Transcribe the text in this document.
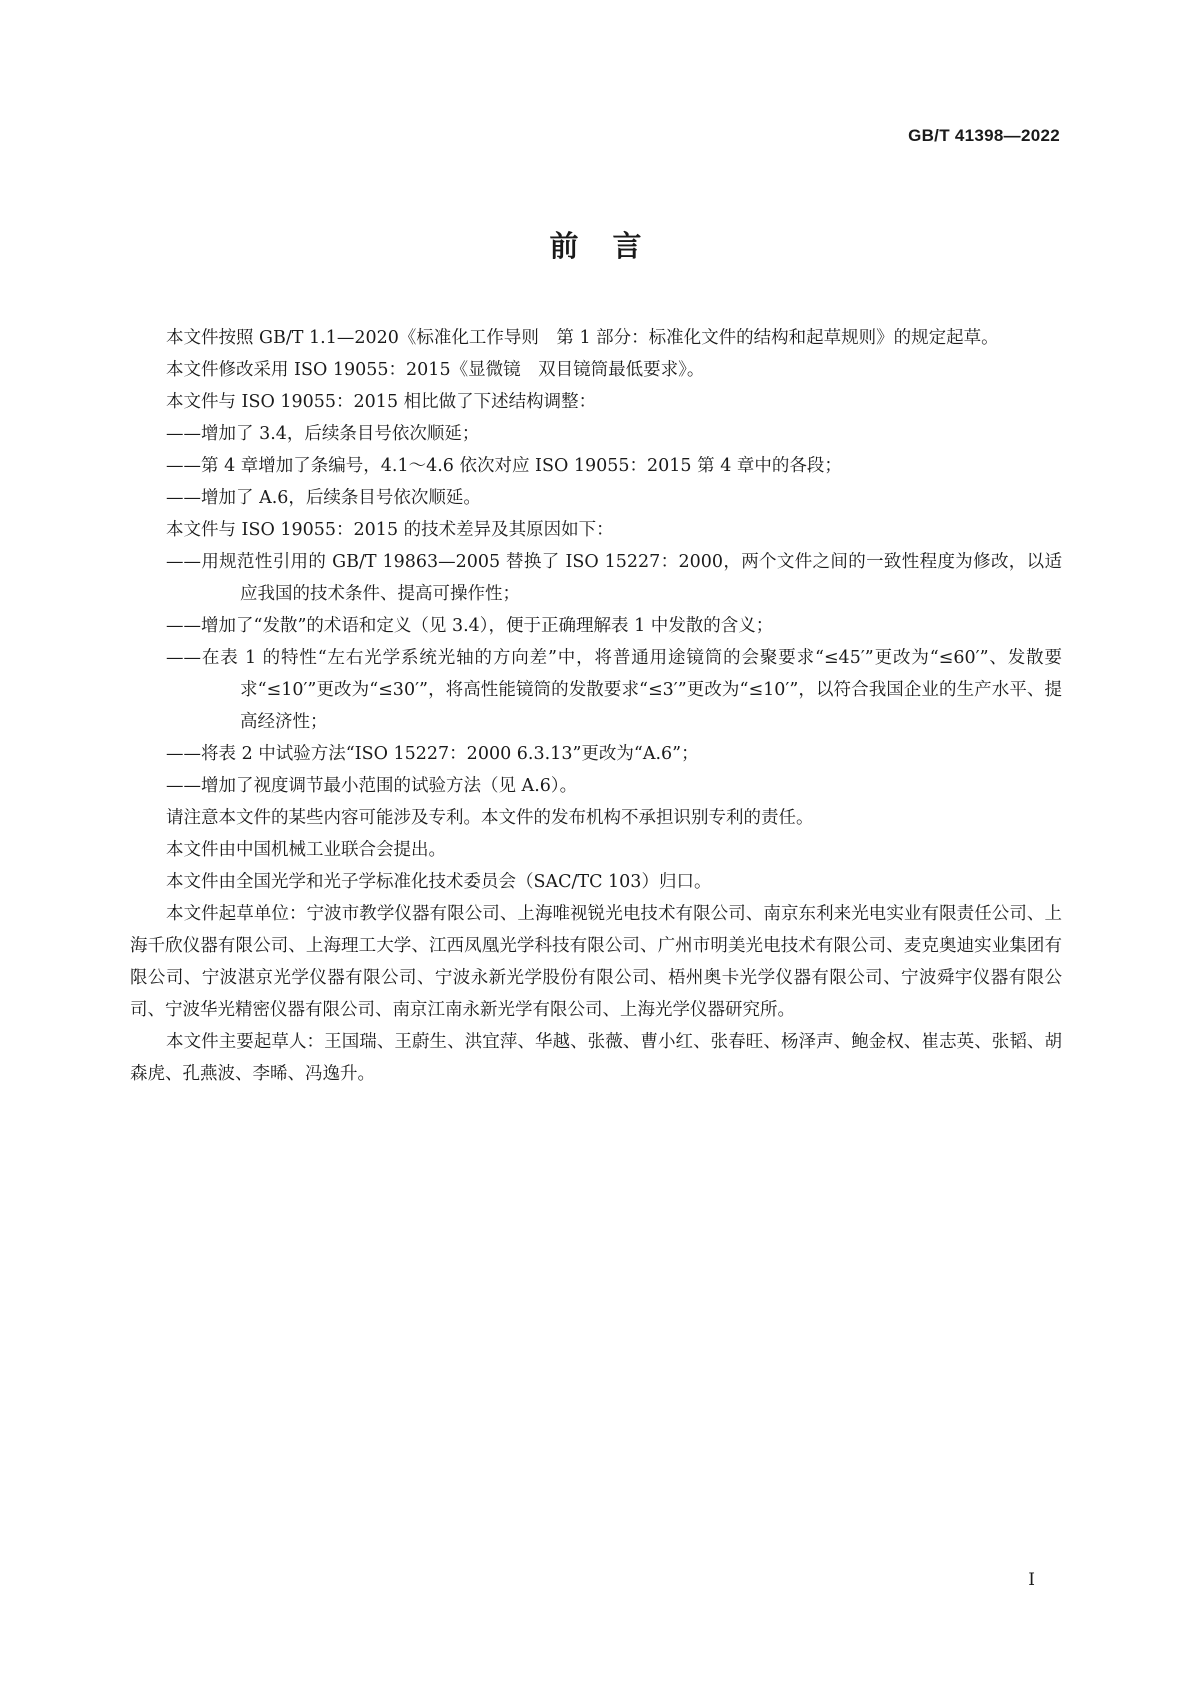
GB/T 41398—2022
前言

本文件按照 GB/T 1.1—2020《标准化工作导则　第 1 部分：标准化文件的结构和起草规则》的规定起草。

本文件修改采用 ISO 19055：2015《显微镜　双目镜筒最低要求》。

本文件与 ISO 19055：2015 相比做了下述结构调整：

——增加了 3.4，后续条目号依次顺延；

——第 4 章增加了条编号，4.1～4.6 依次对应 ISO 19055：2015 第 4 章中的各段；

——增加了 A.6，后续条目号依次顺延。

本文件与 ISO 19055：2015 的技术差异及其原因如下：

——用规范性引用的 GB/T 19863—2005 替换了 ISO 15227：2000，两个文件之间的一致性程度为修改，以适应我国的技术条件、提高可操作性；

——增加了“发散”的术语和定义（见 3.4），便于正确理解表 1 中发散的含义；

——在表 1 的特性“左右光学系统光轴的方向差”中，将普通用途镜筒的会聚要求“≤45′”更改为“≤60′”、发散要求“≤10′”更改为“≤30′”，将高性能镜筒的发散要求“≤3′”更改为“≤10′”，以符合我国企业的生产水平、提高经济性；

——将表 2 中试验方法“ISO 15227：2000 6.3.13”更改为“A.6”；

——增加了视度调节最小范围的试验方法（见 A.6）。

请注意本文件的某些内容可能涉及专利。本文件的发布机构不承担识别专利的责任。

本文件由中国机械工业联合会提出。

本文件由全国光学和光子学标准化技术委员会（SAC/TC 103）归口。

本文件起草单位：宁波市教学仪器有限公司、上海唯视锐光电技术有限公司、南京东利来光电实业有限责任公司、上海千欣仪器有限公司、上海理工大学、江西凤凰光学科技有限公司、广州市明美光电技术有限公司、麦克奥迪实业集团有限公司、宁波湛京光学仪器有限公司、宁波永新光学股份有限公司、梧州奥卡光学仪器有限公司、宁波舜宇仪器有限公司、宁波华光精密仪器有限公司、南京江南永新光学有限公司、上海光学仪器研究所。

本文件主要起草人：王国瑞、王蔚生、洪宜萍、华越、张薇、曹小红、张春旺、杨泽声、鲍金权、崔志英、张韬、胡森虎、孔燕波、李晞、冯逸升。

I
